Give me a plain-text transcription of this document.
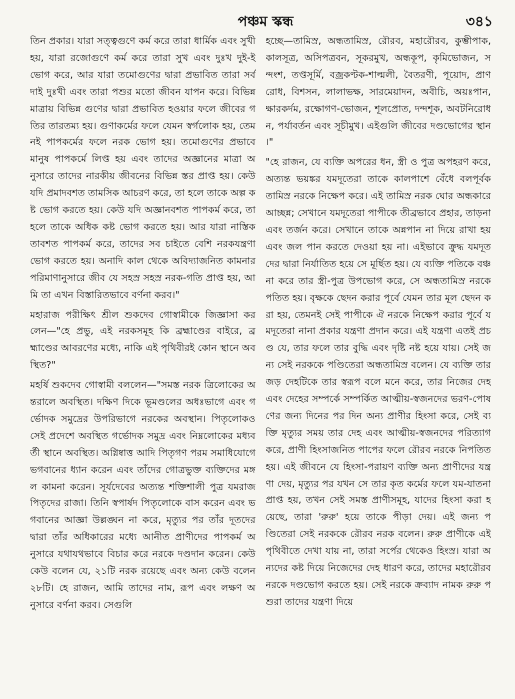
পঞ্চম স্কন্ধ	৩৪১

তিন প্রকার। যারা সত্ত্বগুণে কর্ম করে তারা ধার্মিক এবং সুখী হয়, যারা রজোগুণে কর্ম করে তারা সুখ এবং দুঃখ দুই-ই ভোগ করে, আর যারা তমোগুণের দ্বারা প্রভাবিত তারা সর্বদাই দুঃখী এবং তারা পশুর মতো জীবন যাপন করে। বিভিন্ন মাত্রায় বিভিন্ন গুণের দ্বারা প্রভাবিত হওয়ার ফলে জীবের গতির তারতম্য হয়। গুণাকর্মের ফলে যেমন স্বর্গলোক হয়, তেমনই পাপকর্মের ফলে নরক ভোগ হয়। তমোগুণের প্রভাবে মানুষ পাপকর্মে লিপ্ত হয় এবং তাদের অজ্ঞানের মাত্রা অনুসারে তাদের নারকীয় জীবনের বিভিন্ন স্তর প্রাপ্ত হয়। কেউ যদি প্রমাদবশত তামসিক আচরণ করে, তা হলে তাকে অল্প কষ্ট ভোগ করতে হয়। কেউ যদি অজ্ঞানবশত পাপকর্ম করে, তা হলে তাকে অধিক কষ্ট ভোগ করতে হয়। আর যারা নাস্তিকতাবশত পাপকর্ম করে, তাদের সব চাইতে বেশি নরকযন্ত্রণা ভোগ করতে হয়। অনাদি কাল থেকে অবিদ্যাজনিত কামনার পরিমাণানুসারে জীব যে সহস্র সহস্র নরক-গতি প্রাপ্ত হয়, আমি তা এখন বিস্তারিতভাবে বর্ণনা করব।"

মহারাজ পরীক্ষিৎ শ্রীল শুকদেব গোস্বামীকে জিজ্ঞাসা করলেন—"হে প্রভু, এই নরকসমূহ কি ব্রহ্মাণ্ডের বাইরে, ব্রহ্মাণ্ডের আবরণের মধ্যে, নাকি এই পৃথিবীরই কোন স্থানে অবস্থিত?"

মহর্ষি শুকদেব গোস্বামী বললেন—"সমস্ত নরক ত্রিলোকের অন্তরালে অবস্থিত। দক্ষিণ দিকে ভূমণ্ডলের অধঃভাগে এবং গর্ভোদক সমুদ্রের উপরিভাগে নরকের অবস্থান। পিতৃলোকও সেই প্রদেশে অবস্থিত গর্ভোদক সমুদ্র এবং নিম্নলোকের মধ্যবর্তী স্থানে অবস্থিত। অগ্নিষ্বাত্ত আদি পিতৃগণ পরম সমাধিযোগে ভগবানের ধ্যান করেন এবং তাঁদের গোত্রভুক্ত ব্যক্তিদের মঙ্গল কামনা করেন। সূর্যদেবের অত্যন্ত শক্তিশালী পুত্র যমরাজ পিতৃদের রাজা। তিনি স্বপার্ষদ পিতৃলোকে বাস করেন এবং ভগবানের আজ্ঞা উল্লঙ্ঘন না করে, মৃত্যুর পর তাঁর দূতদের দ্বারা তাঁর অধিকারের মধ্যে আনীত প্রাণীদের পাপকর্ম অনুসারে যথাযথভাবে বিচার করে নরকে দণ্ডদান করেন। কেউ কেউ বলেন যে, ২১টি নরক রয়েছে এবং অন্য কেউ বলেন ২৮টি। হে রাজন, আমি তাদের নাম, রূপ এবং লক্ষণ অনুসারে বর্ণনা করব। সেগুলি

হচ্ছে—তামিস্র, অন্ধতামিস্র, রৌরব, মহারৌরব, কুম্ভীপাক, কালসূত্র, অসিপত্রবন, সূকরমুখ, অন্ধকূপ, কৃমিভোজন, সন্দংশ, তপ্তসূর্মি, বজ্রকণ্টক-শাল্মলী, বৈতরণী, পূয়োদ, প্রাণরোধ, বিশসন, লালাভক্ষ, সারমেয়াদন, অবীচি, অয়ঃপান, ক্ষারকর্দম, রক্ষোগণ-ভোজন, শূলপ্রোত, দন্দশূক, অবটনিরোধন, পর্যাবর্তন এবং সূচীমুখ। এইগুলি জীবের দণ্ডভোগের স্থান।"

"হে রাজন, যে ব্যক্তি অপরের ধন, স্ত্রী ও পুত্র অপহরণ করে, অত্যন্ত ভয়ঙ্কর যমদূতেরা তাকে কালপাশে বেঁধে বলপূর্বক তামিস্র নরকে নিক্ষেপ করে। এই তামিস্র নরক ঘোর অন্ধকারে আচ্ছন্ন; সেখানে যমদূতেরা পাপীকে তীব্রভাবে প্রহার, তাড়না এবং তর্জন করে। সেখানে তাকে অন্নপান না দিয়ে রাখা হয় এবং জল পান করতে দেওয়া হয় না। এইভাবে ক্রুদ্ধ যমদূতদের দ্বারা নির্যাতিত হয়ে সে মূর্ছিত হয়। যে ব্যক্তি পতিকে বঞ্চনা করে তার স্ত্রী-পুত্র উপভোগ করে, সে অন্ধতামিস্র নরকে পতিত হয়। বৃক্ষকে ছেদন করার পূর্বে যেমন তার মূল ছেদন করা হয়, তেমনই সেই পাপীকে ঐ নরকে নিক্ষেপ করার পূর্বে যমদূতেরা নানা প্রকার যন্ত্রণা প্রদান করে। এই যন্ত্রণা এতই প্রচণ্ড যে, তার ফলে তার বুদ্ধি এবং দৃষ্টি নষ্ট হয়ে যায়। সেই জন্য সেই নরককে পণ্ডিতেরা অন্ধতামিস্র বলেন। যে ব্যক্তি তার জড় দেহটিকে তার স্বরূপ বলে মনে করে, তার নিজের দেহ এবং দেহের সম্পর্কে সম্পর্কিত আত্মীয়-স্বজনদের ভরণ-পোষণের জন্য দিনের পর দিন অন্য প্রাণীর হিংসা করে, সেই ব্যক্তি মৃত্যুর সময় তার দেহ এবং আত্মীয়-স্বজনদের পরিত্যাগ করে, প্রাণী হিংসাজনিত পাপের ফলে রৌরব নরকে নিপতিত হয়। এই জীবনে যে হিংসা-পরায়ণ ব্যক্তি অন্য প্রাণীদের যন্ত্রণা দেয়, মৃত্যুর পর যখন সে তার কৃত কর্মের ফলে যম-যাতনা প্রাপ্ত হয়, তখন সেই সমস্ত প্রাণীসমূহ, যাদের হিংসা করা হয়েছে, তারা 'রুরু' হয়ে তাকে পীড়া দেয়। এই জন্য পণ্ডিতেরা সেই নরককে রৌরব নরক বলেন। রুরু প্রাণীকে এই পৃথিবীতে দেখা যায় না, তারা সর্পের থেকেও হিংস্র। যারা অন্যদের কষ্ট দিয়ে নিজেদের দেহ ধারণ করে, তাদের মহারৌরব নরকে দণ্ডভোগ করতে হয়। সেই নরকে ক্রব্যাদ নামক রুরু পশুরা তাদের যন্ত্রণা দিয়ে
